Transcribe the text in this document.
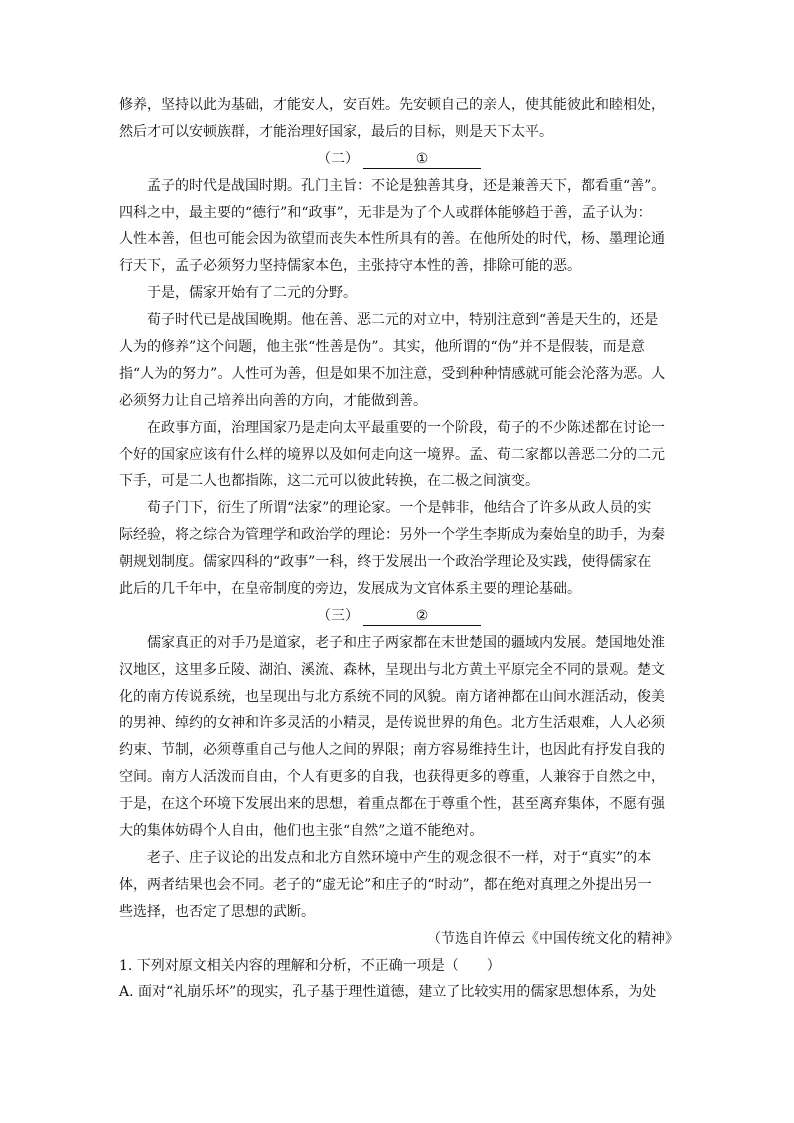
修养，坚持以此为基础，才能安人，安百姓。先安顿自己的亲人，使其能彼此和睦相处，
然后才可以安顿族群，才能治理好国家，最后的目标，则是天下太平。
（二）	①
孟子的时代是战国时期。孔门主旨：不论是独善其身，还是兼善天下，都看重“善”。
四科之中，最主要的“德行”和“政事”，无非是为了个人或群体能够趋于善，孟子认为：
人性本善，但也可能会因为欲望而丧失本性所具有的善。在他所处的时代，杨、墨理论通
行天下，孟子必须努力坚持儒家本色，主张持守本性的善，排除可能的恶。
于是，儒家开始有了二元的分野。
荀子时代已是战国晚期。他在善、恶二元的对立中，特别注意到“善是天生的，还是
人为的修养”这个问题，他主张“性善是伪”。其实，他所谓的“伪”并不是假装，而是意
指“人为的努力”。人性可为善，但是如果不加注意，受到种种情感就可能会沦落为恶。人
必须努力让自己培养出向善的方向，才能做到善。
在政事方面，治理国家乃是走向太平最重要的一个阶段，荀子的不少陈述都在讨论一
个好的国家应该有什么样的境界以及如何走向这一境界。孟、荀二家都以善恶二分的二元
下手，可是二人也都指陈，这二元可以彼此转换，在二极之间演变。
荀子门下，衍生了所谓“法家”的理论家。一个是韩非，他结合了许多从政人员的实
际经验，将之综合为管理学和政治学的理论：另外一个学生李斯成为秦始皇的助手，为秦
朝规划制度。儒家四科的“政事”一科，终于发展出一个政治学理论及实践，使得儒家在
此后的几千年中，在皇帝制度的旁边，发展成为文官体系主要的理论基础。
（三）	②
儒家真正的对手乃是道家，老子和庄子两家都在末世楚国的疆域内发展。楚国地处淮
汉地区，这里多丘陵、湖泊、溪流、森林，呈现出与北方黄土平原完全不同的景观。楚文
化的南方传说系统，也呈现出与北方系统不同的风貌。南方诸神都在山间水涯活动，俊美
的男神、绰约的女神和许多灵活的小精灵，是传说世界的角色。北方生活艰难，人人必须
约束、节制，必须尊重自己与他人之间的界限；南方容易维持生计，也因此有抒发自我的
空间。南方人活泼而自由，个人有更多的自我，也获得更多的尊重，人兼容于自然之中，
于是，在这个环境下发展出来的思想，着重点都在于尊重个性，甚至离弃集体，不愿有强
大的集体妨碍个人自由，他们也主张“自然”之道不能绝对。
老子、庄子议论的出发点和北方自然环境中产生的观念很不一样，对于“真实”的本
体，两者结果也会不同。老子的“虚无论”和庄子的“时动”，都在绝对真理之外提出另一
些选择，也否定了思想的武断。
（节选自许倬云《中国传统文化的精神》
1. 下列对原文相关内容的理解和分析，不正确一项是（　　）
A. 面对“礼崩乐坏”的现实，孔子基于理性道德，建立了比较实用的儒家思想体系，为处
